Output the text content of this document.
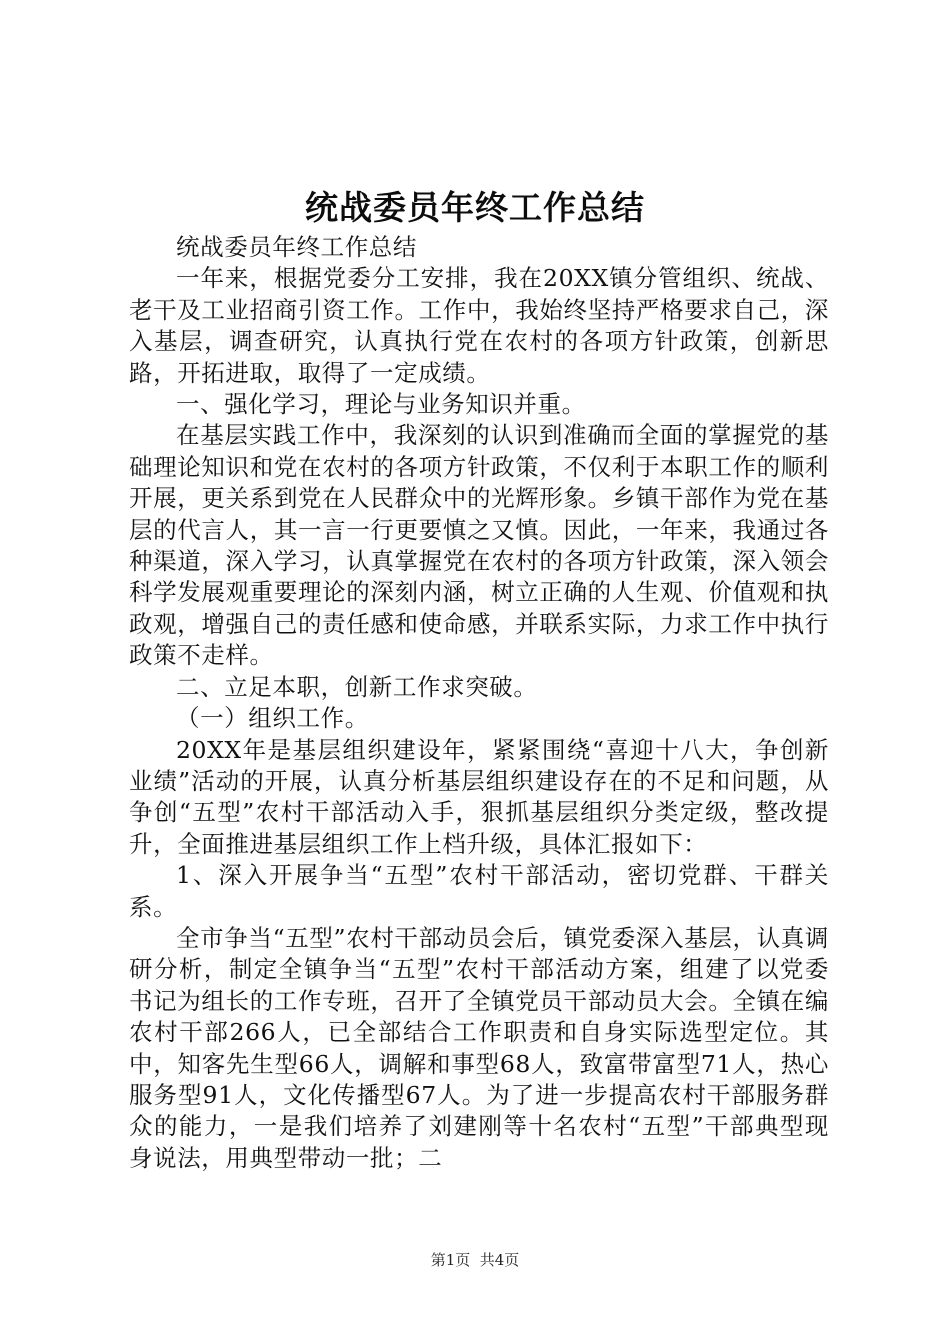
统战委员年终工作总结

统战委员年终工作总结

一年来，根据党委分工安排，我在20XX镇分管组织、统战、老干及工业招商引资工作。工作中，我始终坚持严格要求自己，深入基层，调查研究，认真执行党在农村的各项方针政策，创新思路，开拓进取，取得了一定成绩。

一、强化学习，理论与业务知识并重。

在基层实践工作中，我深刻的认识到准确而全面的掌握党的基础理论知识和党在农村的各项方针政策，不仅利于本职工作的顺利开展，更关系到党在人民群众中的光辉形象。乡镇干部作为党在基层的代言人，其一言一行更要慎之又慎。因此，一年来，我通过各种渠道，深入学习，认真掌握党在农村的各项方针政策，深入领会科学发展观重要理论的深刻内涵，树立正确的人生观、价值观和执政观，增强自己的责任感和使命感，并联系实际，力求工作中执行政策不走样。

二、立足本职，创新工作求突破。

（一）组织工作。

20XX年是基层组织建设年，紧紧围绕“喜迎十八大，争创新业绩”活动的开展，认真分析基层组织建设存在的不足和问题，从争创“五型”农村干部活动入手，狠抓基层组织分类定级，整改提升，全面推进基层组织工作上档升级，具体汇报如下：

1、深入开展争当“五型”农村干部活动，密切党群、干群关系。

全市争当“五型”农村干部动员会后，镇党委深入基层，认真调研分析，制定全镇争当“五型”农村干部活动方案，组建了以党委书记为组长的工作专班，召开了全镇党员干部动员大会。全镇在编农村干部266人，已全部结合工作职责和自身实际选型定位。其中，知客先生型66人，调解和事型68人，致富带富型71人，热心服务型91人，文化传播型67人。为了进一步提高农村干部服务群众的能力，一是我们培养了刘建刚等十名农村“五型”干部典型现身说法，用典型带动一批；二

第1页  共4页
